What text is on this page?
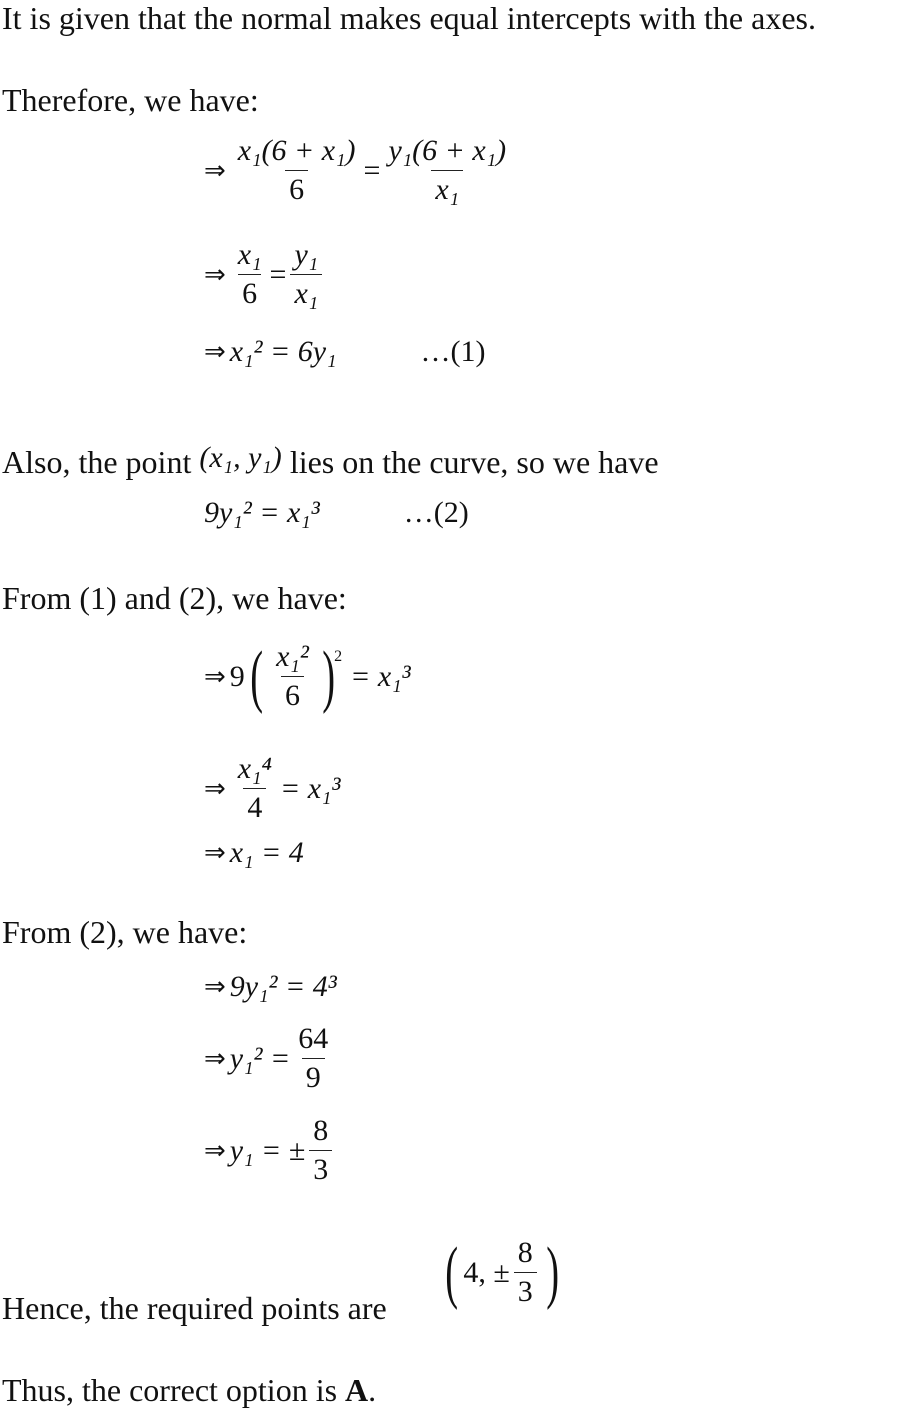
It is given that the normal makes equal intercepts with the axes.
Therefore, we have:
⇒ $\frac{\text{x₁(6 + x₁)}}{6} = \frac{\text{y₁(6 + x₁)}}{\text{x₁}}$
⇒ $\frac{\text{x₁}}{6} = \frac{\text{y₁}}{\text{x₁}}$
⇒ x₁² = 6y₁	…(1)
Also, the point (x₁, y₁) lies on the curve, so we have
9y₁² = x₁³	…(2)
From (1) and (2), we have:
⇒ 9 ( $\frac{\text{x₁²}}{6}$ ) 2
= x₁³
⇒ $\frac{\text{x₁⁴}}{4} = x_1^3$
⇒ x₁ = 4
From (2), we have:
⇒ 9y₁² = 4³
⇒ $y_1^2 = \frac{64}{9}$
⇒ y₁ = ± $\frac{8}{3}$
Hence, the required points are ( 4, ± $\frac{8}{3}$ )
Thus, the correct option is A.
